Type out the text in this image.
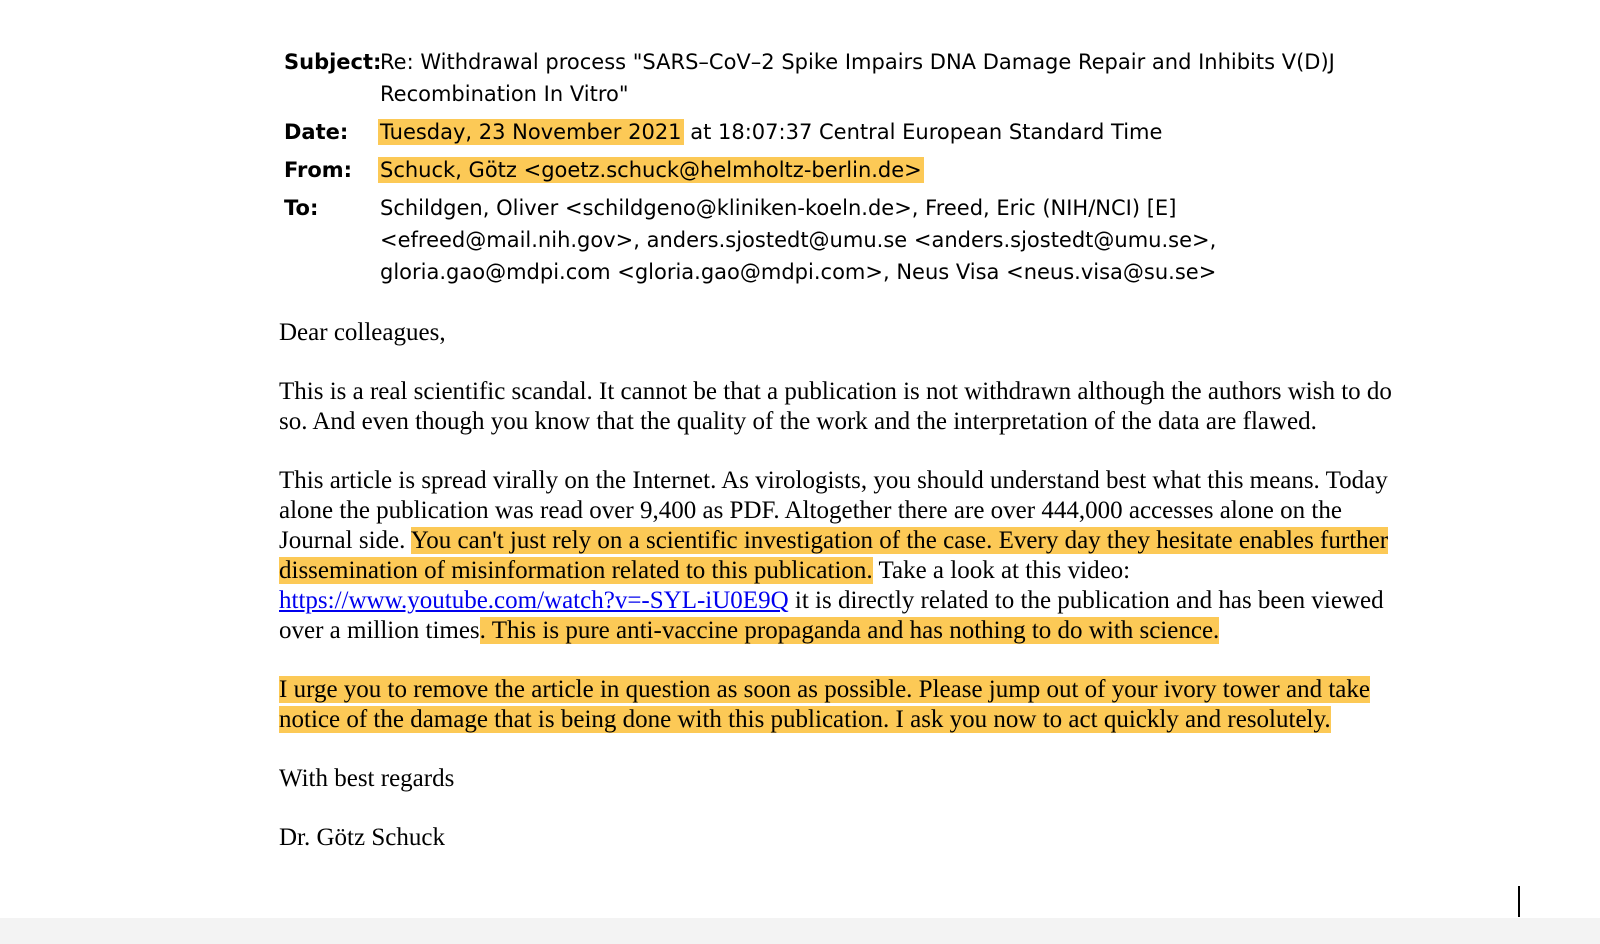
Subject:
Re: Withdrawal process "SARS–CoV–2 Spike Impairs DNA Damage Repair and Inhibits V(D)J Recombination In Vitro"
Date:	Tuesday, 23 November 2021 at 18:07:37 Central European Standard Time
From:	Schuck, Götz <goetz.schuck@helmholtz-berlin.de>
To:	Schildgen, Oliver <schildgeno@kliniken-koeln.de>, Freed, Eric (NIH/NCI) [E] <efreed@mail.nih.gov>, anders.sjostedt@umu.se <anders.sjostedt@umu.se>, gloria.gao@mdpi.com <gloria.gao@mdpi.com>, Neus Visa <neus.visa@su.se>

Dear colleagues,

This is a real scientific scandal. It cannot be that a publication is not withdrawn although the authors wish to do so. And even though you know that the quality of the work and the interpretation of the data are flawed.

This article is spread virally on the Internet. As virologists, you should understand best what this means. Today alone the publication was read over 9,400 as PDF. Altogether there are over 444,000 accesses alone on the Journal side. You can't just rely on a scientific investigation of the case. Every day they hesitate enables further dissemination of misinformation related to this publication. Take a look at this video: https://www.youtube.com/watch?v=-SYL-iU0E9Q it is directly related to the publication and has been viewed over a million times. This is pure anti-vaccine propaganda and has nothing to do with science.

I urge you to remove the article in question as soon as possible. Please jump out of your ivory tower and take notice of the damage that is being done with this publication. I ask you now to act quickly and resolutely.

With best regards

Dr. Götz Schuck
